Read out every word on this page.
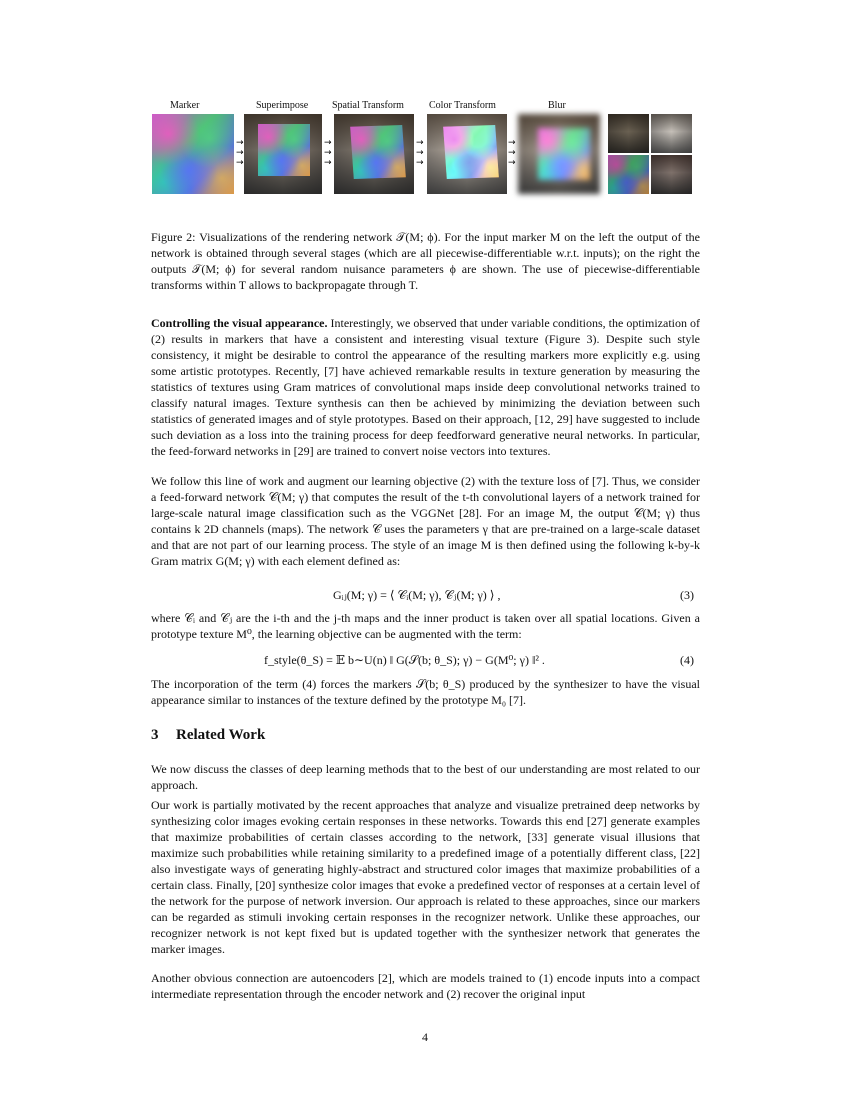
Marker	Superimpose Spatial Transform	Color Transform	Blur
→
→
→
→
→
→
→
→
→
→
→
→
Figure 2: Visualizations of the rendering network 𝒯(M; ϕ). For the input marker M on the left the output of the network is obtained through several stages (which are all piecewise-differentiable w.r.t. inputs); on the right the outputs 𝒯(M; ϕ) for several random nuisance parameters ϕ are shown. The use of piecewise-differentiable transforms within T allows to backpropagate through T.

Controlling the visual appearance. Interestingly, we observed that under variable conditions, the optimization of (2) results in markers that have a consistent and interesting visual texture (Figure 3). Despite such style consistency, it might be desirable to control the appearance of the resulting markers more explicitly e.g. using some artistic prototypes. Recently, [7] have achieved remarkable results in texture generation by measuring the statistics of textures using Gram matrices of convolutional maps inside deep convolutional networks trained to classify natural images. Texture synthesis can then be achieved by minimizing the deviation between such statistics of generated images and of style prototypes. Based on their approach, [12, 29] have suggested to include such deviation as a loss into the training process for deep feedforward generative neural networks. In particular, the feed-forward networks in [29] are trained to convert noise vectors into textures.

We follow this line of work and augment our learning objective (2) with the texture loss of [7]. Thus, we consider a feed-forward network 𝒞(M; γ) that computes the result of the t-th convolutional layers of a network trained for large-scale natural image classification such as the VGGNet [28]. For an image M, the output 𝒞(M; γ) thus contains k 2D channels (maps). The network 𝒞 uses the parameters γ that are pre-trained on a large-scale dataset and that are not part of our learning process. The style of an image M is then defined using the following k-by-k Gram matrix G(M; γ) with each element defined as:

Gᵢⱼ(M; γ) = ⟨ 𝒞ᵢ(M; γ), 𝒞ⱼ(M; γ) ⟩ ,	(3)

where 𝒞ᵢ and 𝒞ⱼ are the i-th and the j-th maps and the inner product is taken over all spatial locations. Given a prototype texture M⁰, the learning objective can be augmented with the term:

f_style(θ_S) = 𝔼 b∼U(n) ‖ G(𝒮(b; θ_S); γ) − G(M⁰; γ) ‖² .	(4)

The incorporation of the term (4) forces the markers 𝒮(b; θ_S) produced by the synthesizer to have the visual appearance similar to instances of the texture defined by the prototype M₀ [7].

3 Related Work

We now discuss the classes of deep learning methods that to the best of our understanding are most related to our approach.

Our work is partially motivated by the recent approaches that analyze and visualize pretrained deep networks by synthesizing color images evoking certain responses in these networks. Towards this end [27] generate examples that maximize probabilities of certain classes according to the network, [33] generate visual illusions that maximize such probabilities while retaining similarity to a predefined image of a potentially different class, [22] also investigate ways of generating highly-abstract and structured color images that maximize probabilities of a certain class. Finally, [20] synthesize color images that evoke a predefined vector of responses at a certain level of the network for the purpose of network inversion. Our approach is related to these approaches, since our markers can be regarded as stimuli invoking certain responses in the recognizer network. Unlike these approaches, our recognizer network is not kept fixed but is updated together with the synthesizer network that generates the marker images.

Another obvious connection are autoencoders [2], which are models trained to (1) encode inputs into a compact intermediate representation through the encoder network and (2) recover the original input

4
